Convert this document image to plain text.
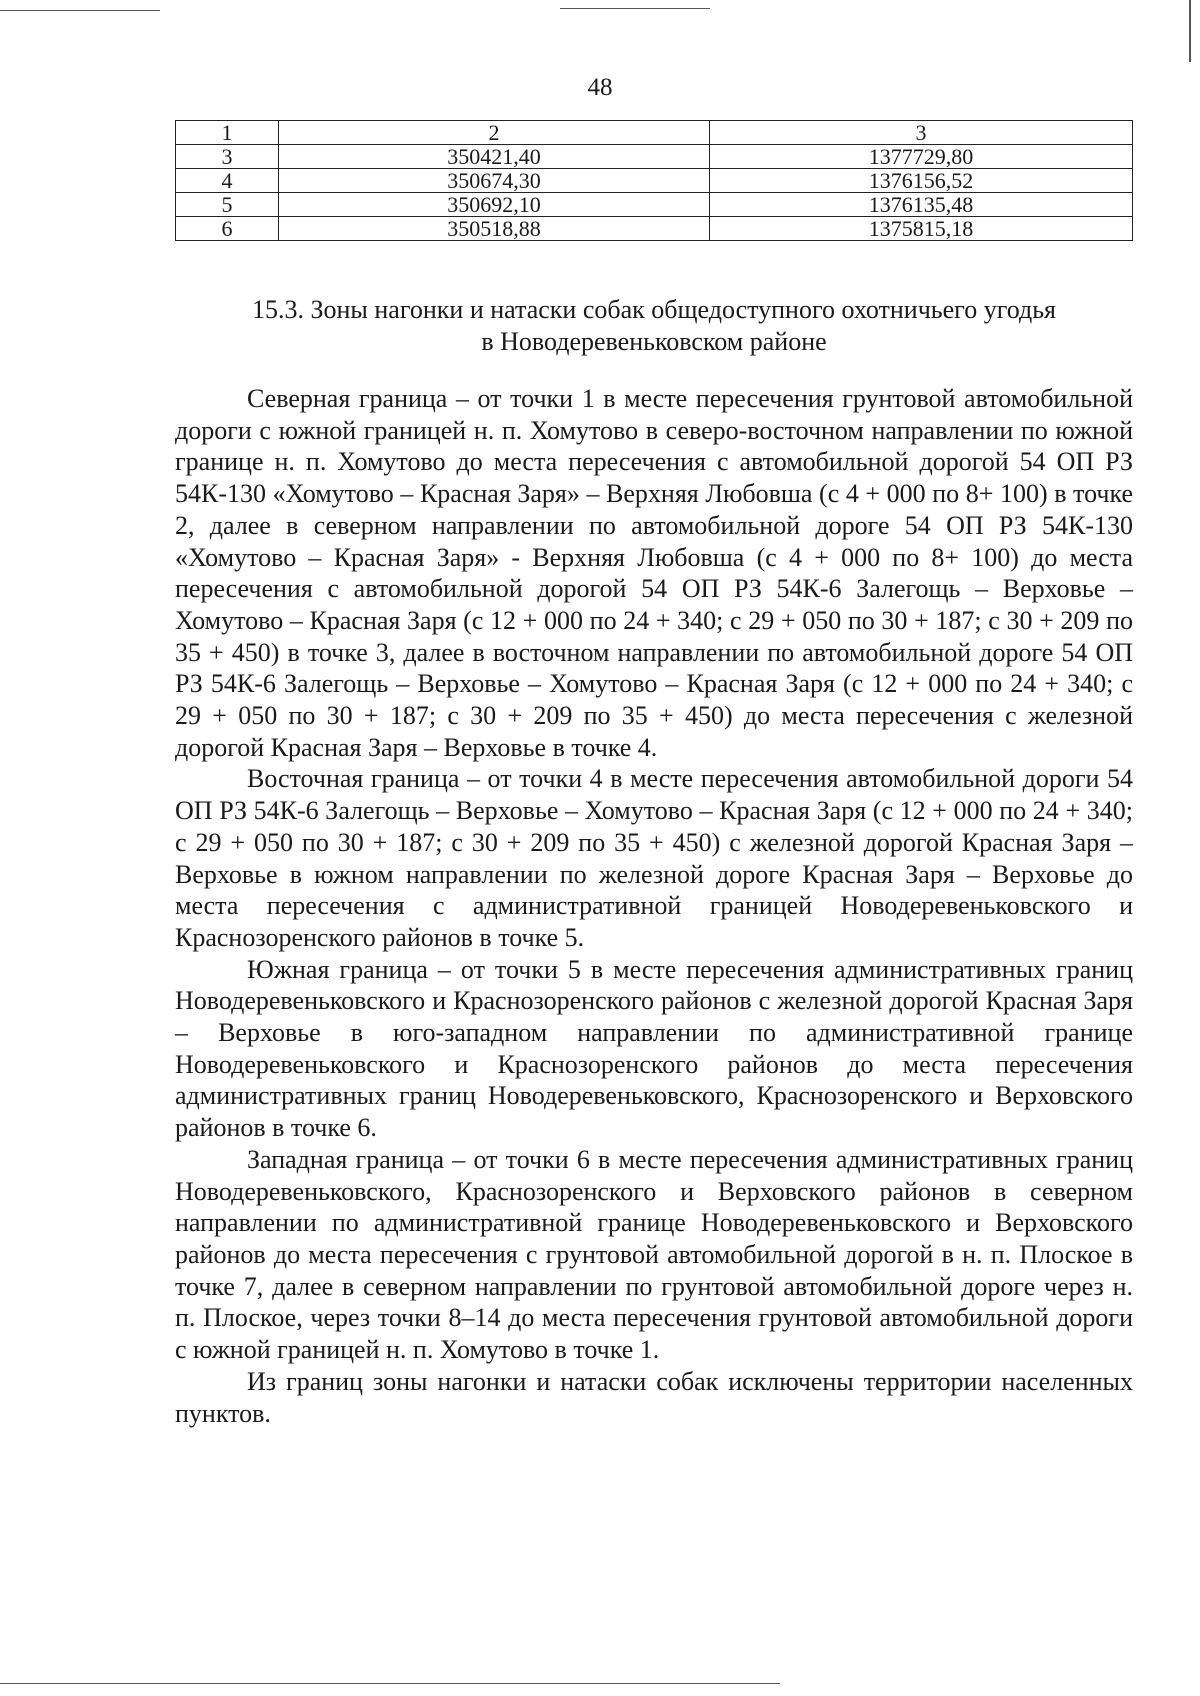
48
1	2	3
3	350421,40	1377729,80
4	350674,30	1376156,52
5	350692,10	1376135,48
6	350518,88	1375815,18
15.3. Зоны нагонки и натаски собак общедоступного охотничьего угодья
в Новодеревеньковском районе

Северная граница – от точки 1 в месте пересечения грунтовой автомобильной дороги с южной границей н. п. Хомутово в северо-восточном направлении по южной границе н. п. Хомутово до места пересечения с автомобильной дорогой 54 ОП РЗ 54К-130 «Хомутово – Красная Заря» – Верхняя Любовша (с 4 + 000 по 8+ 100) в точке 2, далее в северном направлении по автомобильной дороге 54 ОП РЗ 54К-130 «Хомутово – Красная Заря» - Верхняя Любовша (с 4 + 000 по 8+ 100) до места пересечения с автомобильной дорогой 54 ОП РЗ 54К-6 Залегощь – Верховье – Хомутово – Красная Заря (с 12 + 000 по 24 + 340; с 29 + 050 по 30 + 187; с 30 + 209 по 35 + 450) в точке 3, далее в восточном направлении по автомобильной дороге 54 ОП РЗ 54К-6 Залегощь – Верховье – Хомутово – Красная Заря (с 12 + 000 по 24 + 340; с 29 + 050 по 30 + 187; с 30 + 209 по 35 + 450) до места пересечения с железной дорогой Красная Заря – Верховье в точке 4.

Восточная граница – от точки 4 в месте пересечения автомобильной дороги 54 ОП РЗ 54К-6 Залегощь – Верховье – Хомутово – Красная Заря (с 12 + 000 по 24 + 340; с 29 + 050 по 30 + 187; с 30 + 209 по 35 + 450) с железной дорогой Красная Заря – Верховье в южном направлении по железной дороге Красная Заря – Верховье до места пересечения с административной границей Новодеревеньковского и Краснозоренского районов в точке 5.

Южная граница – от точки 5 в месте пересечения административных границ Новодеревеньковского и Краснозоренского районов с железной дорогой Красная Заря – Верховье в юго-западном направлении по административной границе Новодеревеньковского и Краснозоренского районов до места пересечения административных границ Новодеревеньковского, Краснозоренского и Верховского районов в точке 6.

Западная граница – от точки 6 в месте пересечения административных границ Новодеревеньковского, Краснозоренского и Верховского районов в северном направлении по административной границе Новодеревеньковского и Верховского районов до места пересечения с грунтовой автомобильной дорогой в н. п. Плоское в точке 7, далее в северном направлении по грунтовой автомобильной дороге через н. п. Плоское, через точки 8–14 до места пересечения грунтовой автомобильной дороги с южной границей н. п. Хомутово в точке 1.

Из границ зоны нагонки и натаски собак исключены территории населенных пунктов.
